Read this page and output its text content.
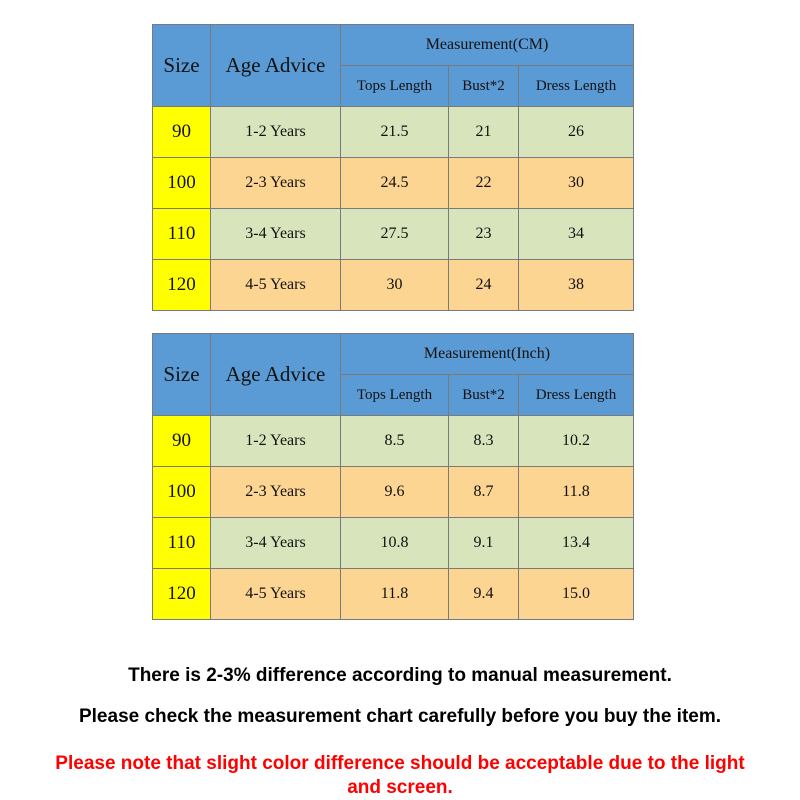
Size	Age Advice	Measurement(CM)		
		Tops Length	Bust*2	Dress Length
90	1-2 Years	21.5	21	26
100	2-3 Years	24.5	22	30
110	3-4 Years	27.5	23	34
120	4-5 Years	30	24	38
Size	Age Advice	Measurement(Inch)		
		Tops Length	Bust*2	Dress Length
90	1-2 Years	8.5	8.3	10.2
100	2-3 Years	9.6	8.7	11.8
110	3-4 Years	10.8	9.1	13.4
120	4-5 Years	11.8	9.4	15.0

There is 2-3% difference according to manual measurement.

Please check the measurement chart carefully before you buy the item.

Please note that slight color difference should be acceptable due to the light and screen.
